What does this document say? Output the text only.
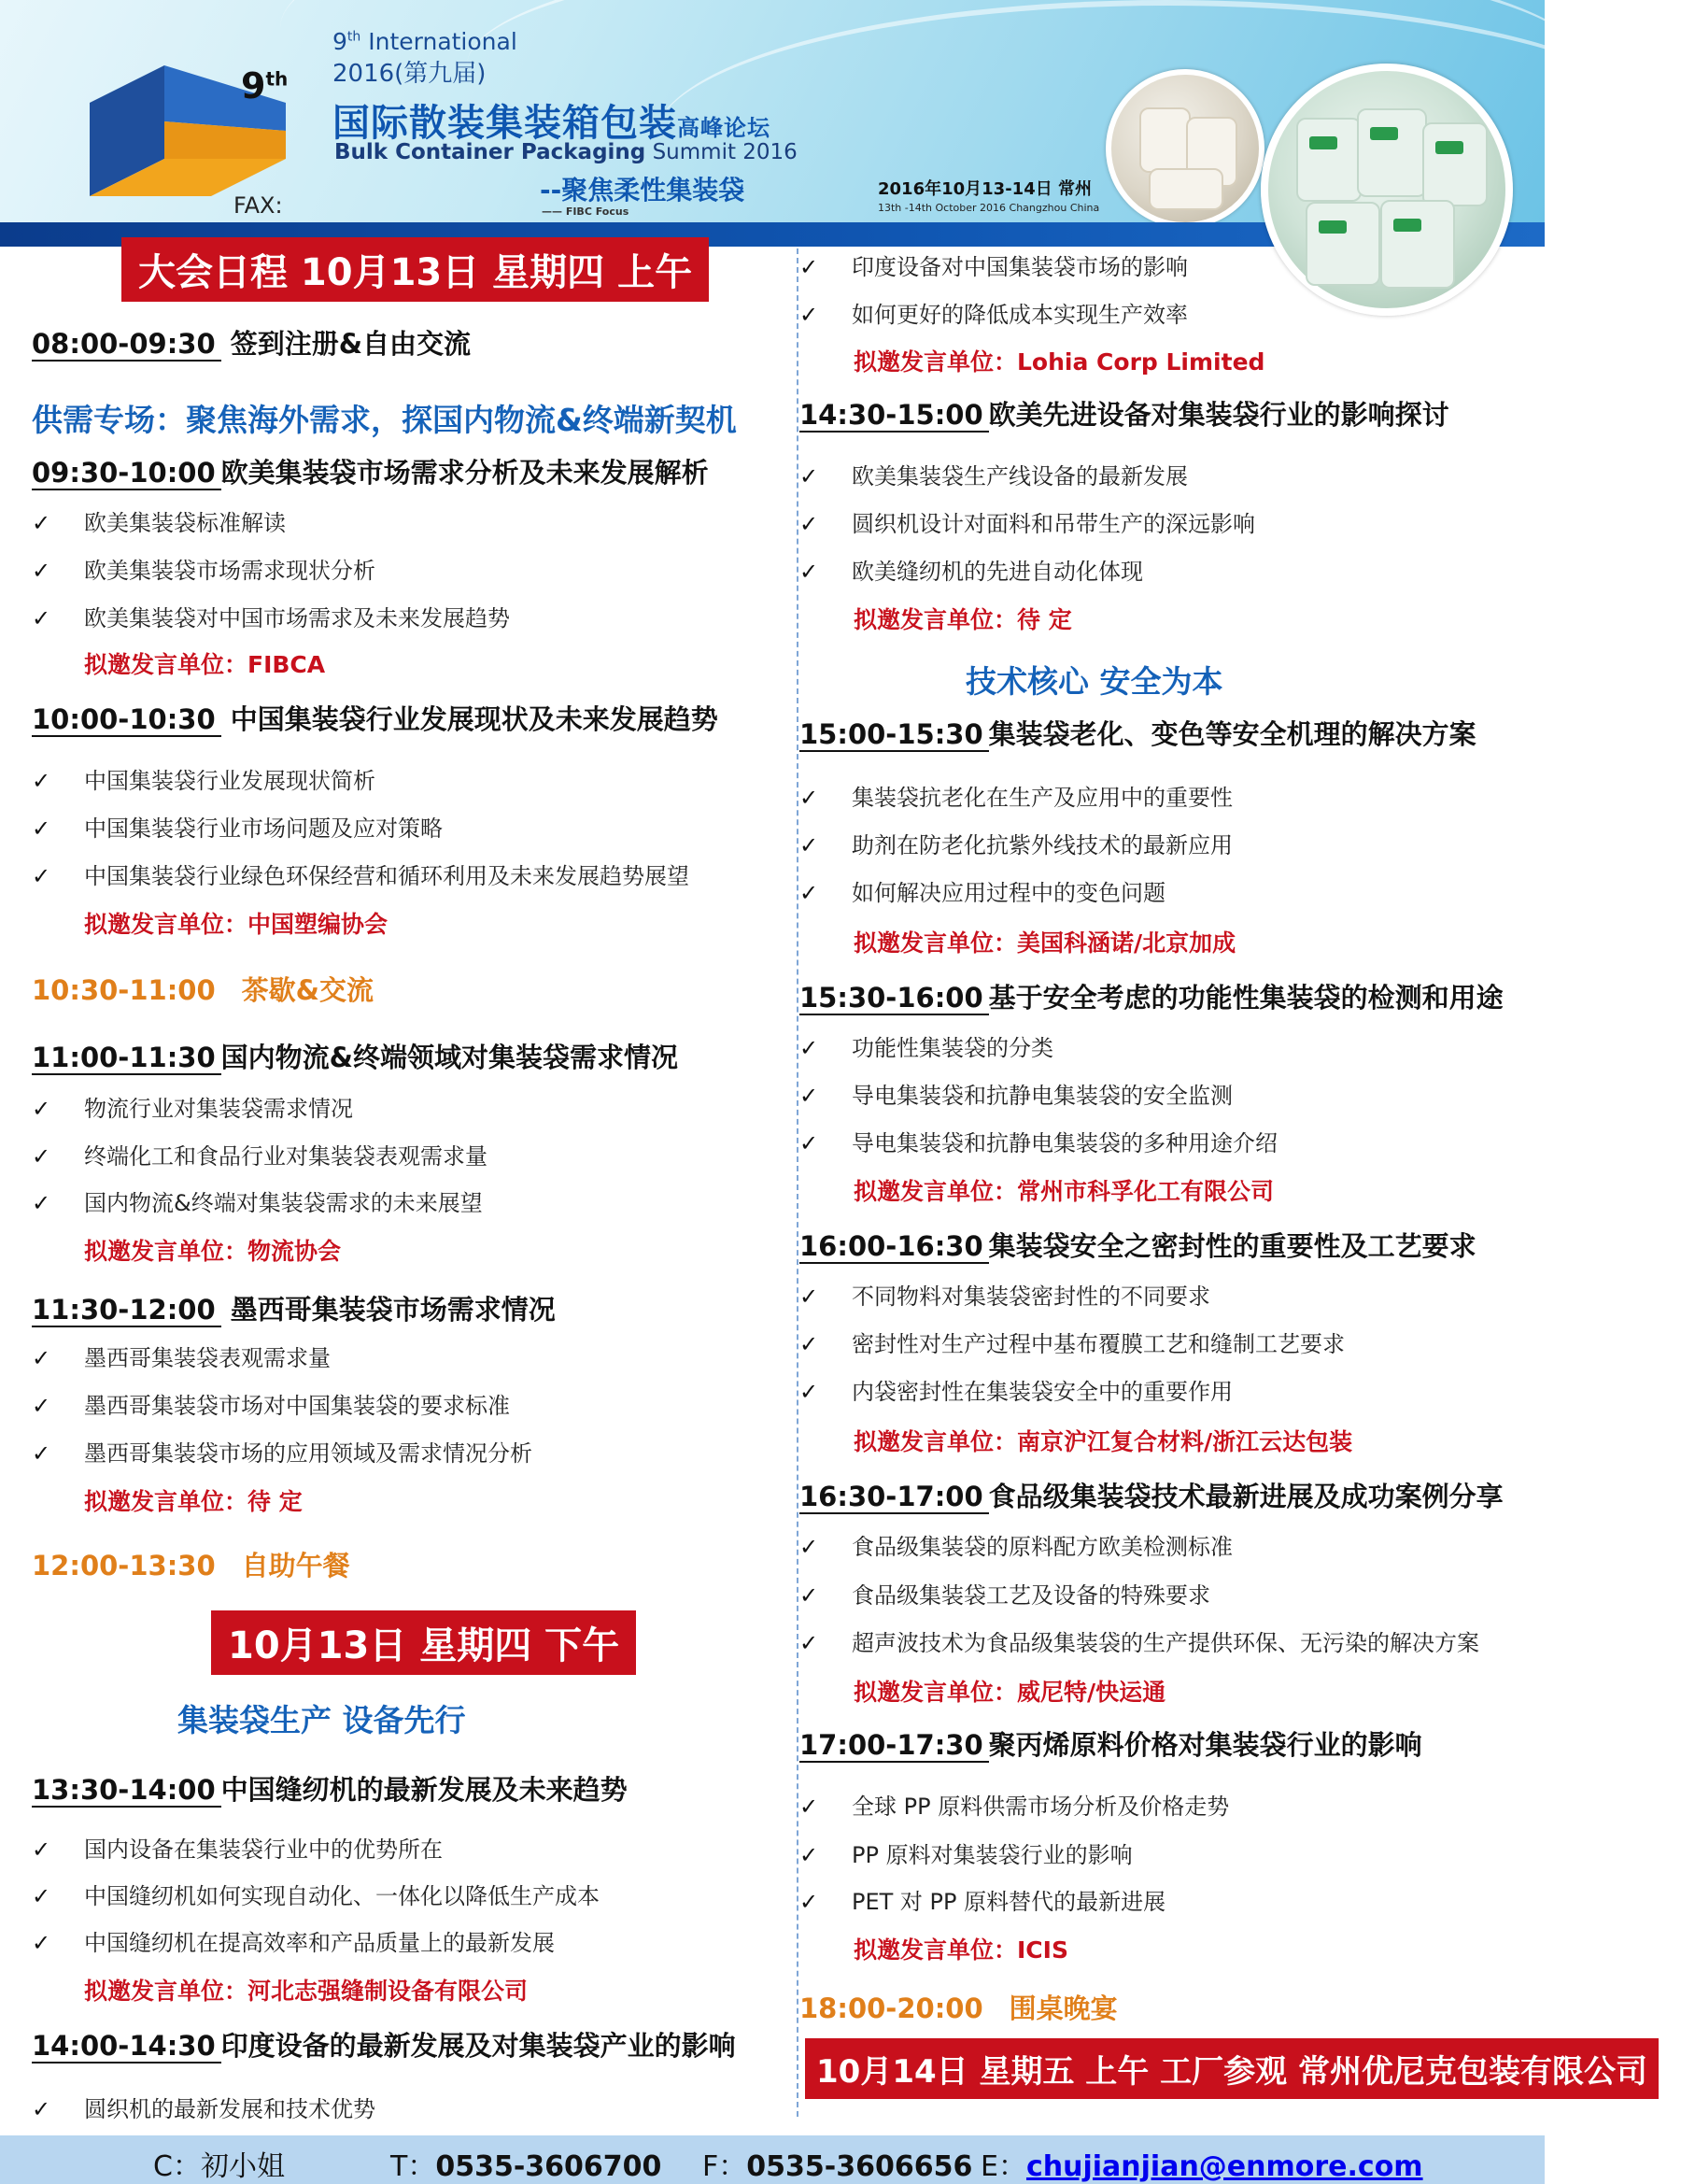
9th
FAX:
9th International
2016(第九届)
国际散装集装箱包装高峰论坛
Bulk Container Packaging Summit 2016
--聚焦柔性集装袋
—— FIBC Focus
2016年10月13-14日 常州
13th -14th October 2016 Changzhou China
大会日程 10月13日 星期四 上午
08:00-09:30 签到注册&自由交流
供需专场：聚焦海外需求，探国内物流&终端新契机
09:30-10:00 欧美集装袋市场需求分析及未来发展解析
✓ 欧美集装袋标准解读
✓ 欧美集装袋市场需求现状分析
✓ 欧美集装袋对中国市场需求及未来发展趋势
拟邀发言单位：FIBCA
10:00-10:30 中国集装袋行业发展现状及未来发展趋势
✓ 中国集装袋行业发展现状简析
✓ 中国集装袋行业市场问题及应对策略
✓ 中国集装袋行业绿色环保经营和循环利用及未来发展趋势展望
拟邀发言单位：中国塑编协会
10:30-11:00 茶歇&交流
11:00-11:30 国内物流&终端领域对集装袋需求情况
✓ 物流行业对集装袋需求情况
✓ 终端化工和食品行业对集装袋表观需求量
✓ 国内物流&终端对集装袋需求的未来展望
拟邀发言单位：物流协会
11:30-12:00 墨西哥集装袋市场需求情况
✓ 墨西哥集装袋表观需求量
✓ 墨西哥集装袋市场对中国集装袋的要求标准
✓ 墨西哥集装袋市场的应用领域及需求情况分析
拟邀发言单位：待 定
12:00-13:30 自助午餐
10月13日 星期四 下午
集装袋生产 设备先行
13:30-14:00 中国缝纫机的最新发展及未来趋势
✓ 国内设备在集装袋行业中的优势所在
✓ 中国缝纫机如何实现自动化、一体化以降低生产成本
✓ 中国缝纫机在提高效率和产品质量上的最新发展
拟邀发言单位：河北志强缝制设备有限公司
14:00-14:30 印度设备的最新发展及对集装袋产业的影响
✓ 圆织机的最新发展和技术优势
✓ 印度设备对中国集装袋市场的影响
✓ 如何更好的降低成本实现生产效率
拟邀发言单位：Lohia Corp Limited
14:30-15:00 欧美先进设备对集装袋行业的影响探讨
✓ 欧美集装袋生产线设备的最新发展
✓ 圆织机设计对面料和吊带生产的深远影响
✓ 欧美缝纫机的先进自动化体现
拟邀发言单位：待 定
技术核心 安全为本
15:00-15:30 集装袋老化、变色等安全机理的解决方案
✓ 集装袋抗老化在生产及应用中的重要性
✓ 助剂在防老化抗紫外线技术的最新应用
✓ 如何解决应用过程中的变色问题
拟邀发言单位：美国科涵诺/北京加成
15:30-16:00 基于安全考虑的功能性集装袋的检测和用途
✓ 功能性集装袋的分类
✓ 导电集装袋和抗静电集装袋的安全监测
✓ 导电集装袋和抗静电集装袋的多种用途介绍
拟邀发言单位：常州市科孚化工有限公司
16:00-16:30 集装袋安全之密封性的重要性及工艺要求
✓ 不同物料对集装袋密封性的不同要求
✓ 密封性对生产过程中基布覆膜工艺和缝制工艺要求
✓ 内袋密封性在集装袋安全中的重要作用
拟邀发言单位：南京沪江复合材料/浙江云达包装
16:30-17:00 食品级集装袋技术最新进展及成功案例分享
✓ 食品级集装袋的原料配方欧美检测标准
✓ 食品级集装袋工艺及设备的特殊要求
✓ 超声波技术为食品级集装袋的生产提供环保、无污染的解决方案
拟邀发言单位：威尼特/快运通
17:00-17:30 聚丙烯原料价格对集装袋行业的影响
✓ 全球 PP 原料供需市场分析及价格走势
✓ PP 原料对集装袋行业的影响
✓ PET 对 PP 原料替代的最新进展
拟邀发言单位：ICIS
18:00-20:00 围桌晚宴
10月14日 星期五 上午 工厂参观 常州优尼克包装有限公司
C：初小姐	T：0535-3606700 F：0535-3606656 E：chujianjian@enmore.com
